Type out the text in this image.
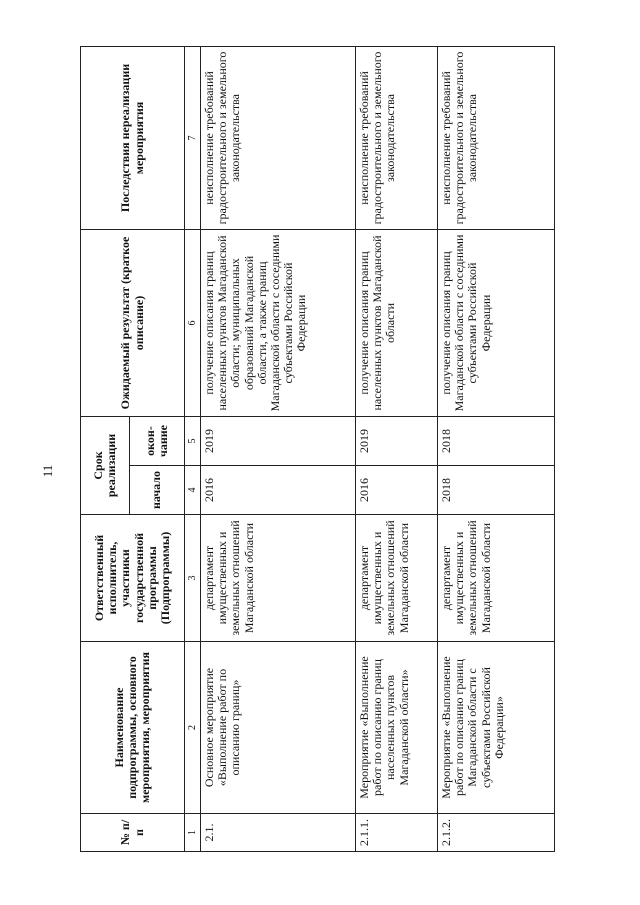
11
№ п/п	Наименование подпрограммы, основного мероприятия, мероприятия	Ответственный исполнитель, участники государственной программы (Подпрограммы)	Срок реализации		Ожидаемый результат (краткое описание)	Последствия нереализации мероприятия
			начало	окон-чание		
1	2	3	4	5	6	7
2.1.	Основное мероприятие «Выполнение работ по описанию границ»	департамент имущественных и земельных отношений Магаданской области	2016	2019	получение описания границ населенных пунктов Магаданской области; муниципальных образований Магаданской области, а также границ Магаданской области с соседними субъектами Российской Федерации	неисполнение требований градостроительного и земельного законодательства
2.1.1.	Мероприятие «Выполнение работ по описанию границ населенных пунктов Магаданской области»	департамент имущественных и земельных отношений Магаданской области	2016	2019	получение описания границ населенных пунктов Магаданской области	неисполнение требований градостроительного и земельного законодательства
2.1.2.	Мероприятие «Выполнение работ по описанию границ Магаданской области с субъектами Российской Федерации»	департамент имущественных и земельных отношений Магаданской области	2018	2018	получение описания границ Магаданской области с соседними субъектами Российской Федерации	неисполнение требований градостроительного и земельного законодательства
